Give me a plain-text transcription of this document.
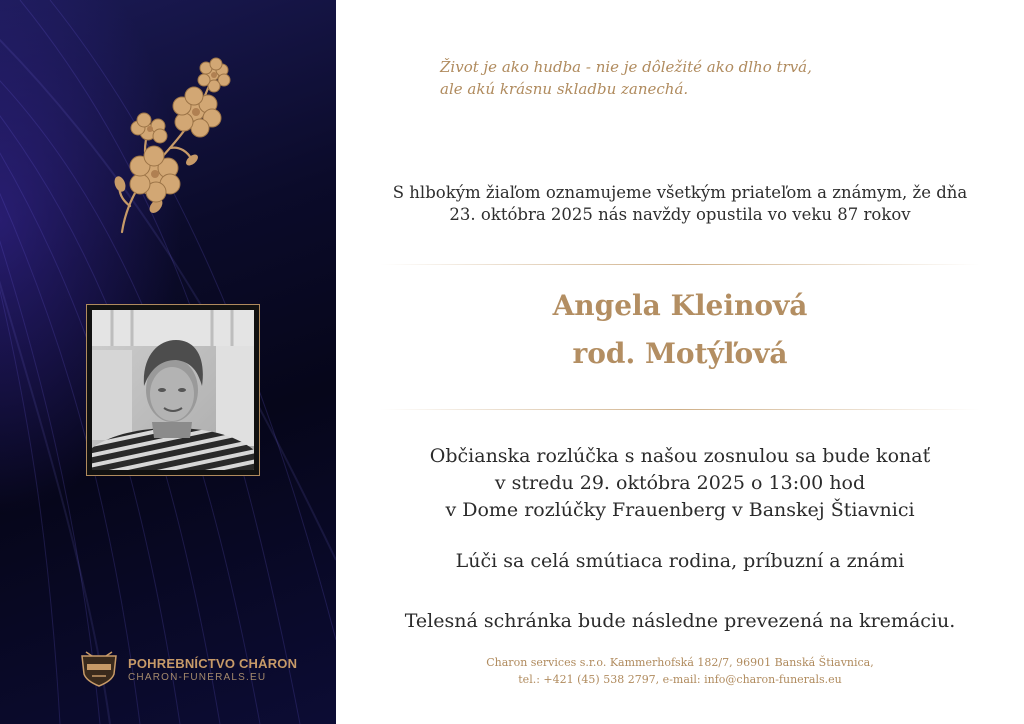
POHREBNÍCTVO CHÁRON
CHARON-FUNERALS.EU
Život je ako hudba - nie je dôležité ako dlho trvá,
ale akú krásnu skladbu zanechá.
S hlbokým žiaľom oznamujeme všetkým priateľom a známym, že dňa
23. októbra 2025 nás navždy opustila vo veku 87 rokov
Angela Kleinová
rod. Motýľová
Občianska rozlúčka s našou zosnulou sa bude konať
v stredu 29. októbra 2025 o 13:00 hod
v Dome rozlúčky Frauenberg v Banskej Štiavnici
Lúči sa celá smútiaca rodina, príbuzní a známi
Telesná schránka bude následne prevezená na kremáciu.
Charon services s.r.o. Kammerhofská 182/7, 96901 Banská Štiavnica,
tel.: +421 (45) 538 2797, e-mail: info@charon-funerals.eu
